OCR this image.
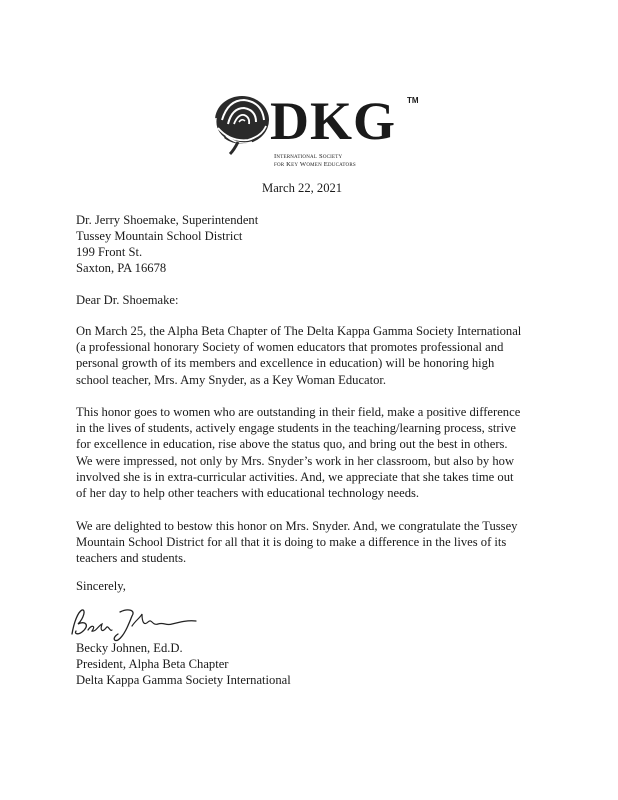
DKG TM
International Society
for Key Women Educators
March 22, 2021
Dr. Jerry Shoemake, Superintendent
Tussey Mountain School District
199 Front St.
Saxton, PA 16678
Dear Dr. Shoemake:
On March 25, the Alpha Beta Chapter of The Delta Kappa Gamma Society International
(a professional honorary Society of women educators that promotes professional and
personal growth of its members and excellence in education) will be honoring high
school teacher, Mrs. Amy Snyder, as a Key Woman Educator.
This honor goes to women who are outstanding in their field, make a positive difference
in the lives of students, actively engage students in the teaching/learning process, strive
for excellence in education, rise above the status quo, and bring out the best in others.
We were impressed, not only by Mrs. Snyder’s work in her classroom, but also by how
involved she is in extra-curricular activities. And, we appreciate that she takes time out
of her day to help other teachers with educational technology needs.
We are delighted to bestow this honor on Mrs. Snyder. And, we congratulate the Tussey
Mountain School District for all that it is doing to make a difference in the lives of its
teachers and students.
Sincerely,
Becky Johnen, Ed.D.
President, Alpha Beta Chapter
Delta Kappa Gamma Society International
